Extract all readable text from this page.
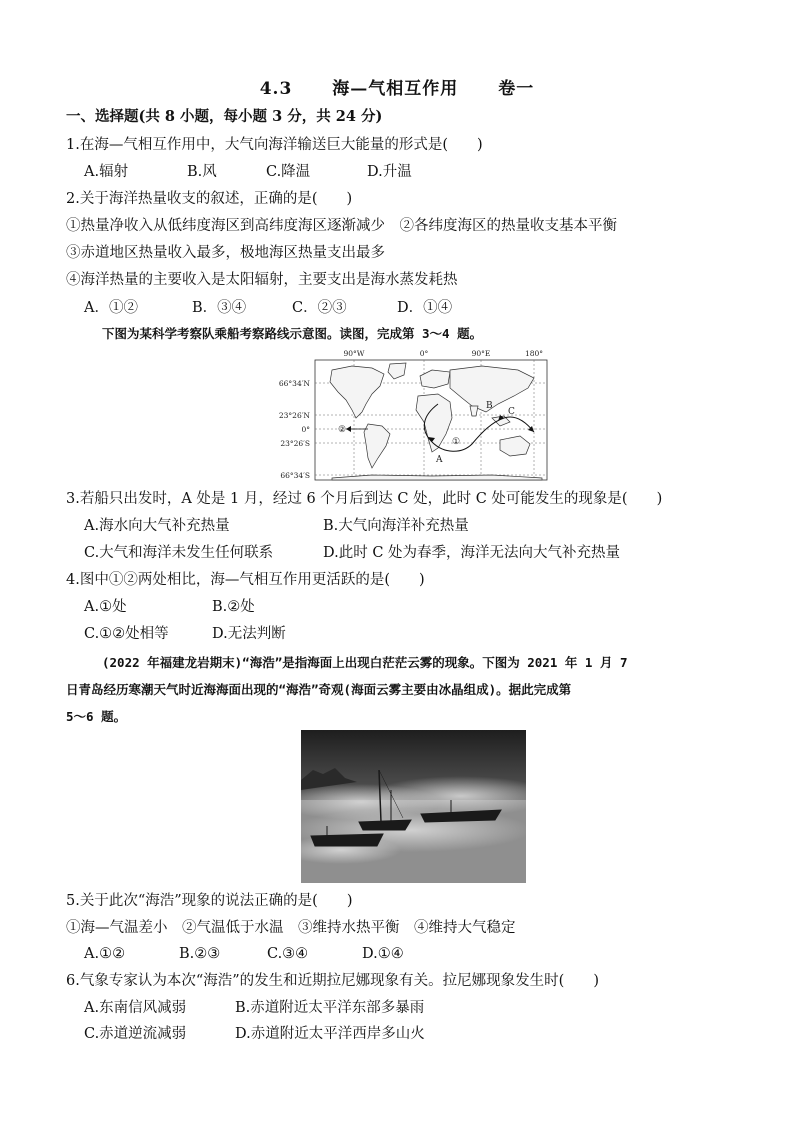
4.3 海—气相互作用 卷一
一、选择题(共 8 小题，每小题 3 分，共 24 分)
1.在海—气相互作用中，大气向海洋输送巨大能量的形式是(　　)
A.辐射	B.风	C.降温	D.升温
2.关于海洋热量收支的叙述，正确的是(　　)
①热量净收入从低纬度海区到高纬度海区逐渐减少　②各纬度海区的热量收支基本平衡
③赤道地区热量收入最多，极地海区热量支出最多
④海洋热量的主要收入是太阳辐射，主要支出是海水蒸发耗热
A．①②	B．③④	C．②③	D．①④
下图为某科学考察队乘船考察路线示意图。读图，完成第 3～4 题。
90°W	0°	90°E	180°
66°34′N
23°26′N
0°
23°26′S
66°34′S
A
B
C
①
②
3.若船只出发时，A 处是 1 月，经过 6 个月后到达 C 处，此时 C 处可能发生的现象是(　　)
A.海水向大气补充热量	B.大气向海洋补充热量
C.大气和海洋未发生任何联系	D.此时 C 处为春季，海洋无法向大气补充热量
4.图中①②两处相比，海—气相互作用更活跃的是(　　)
A.①处	B.②处
C.①②处相等	D.无法判断
(2022 年福建龙岩期末)“海浩”是指海面上出现白茫茫云雾的现象。下图为 2021 年 1 月 7
日青岛经历寒潮天气时近海海面出现的“海浩”奇观(海面云雾主要由冰晶组成)。据此完成第
5～6 题。
5.关于此次“海浩”现象的说法正确的是(　　)
①海—气温差小　②气温低于水温　③维持水热平衡　④维持大气稳定
A.①②	B.②③	C.③④	D.①④
6.气象专家认为本次“海浩”的发生和近期拉尼娜现象有关。拉尼娜现象发生时(　　)
A.东南信风减弱	B.赤道附近太平洋东部多暴雨
C.赤道逆流减弱	D.赤道附近太平洋西岸多山火
